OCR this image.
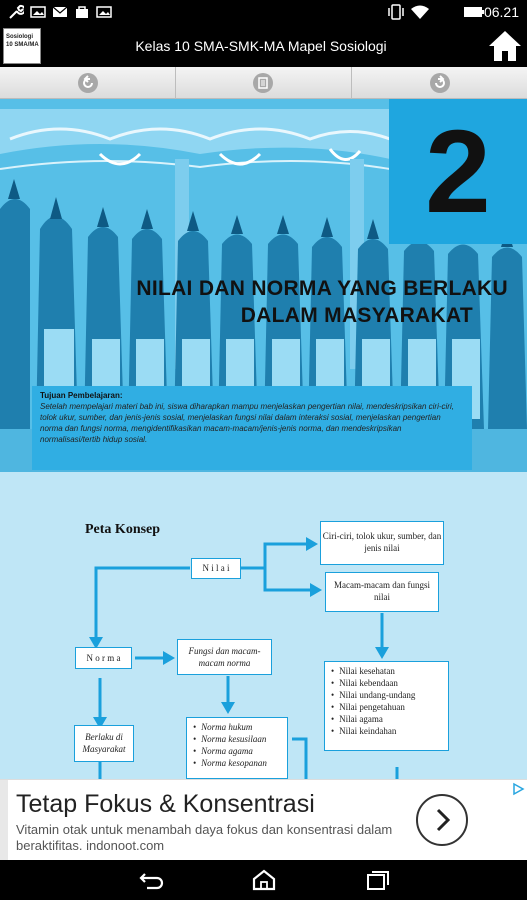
06.21
Sosiologi 10 SMA/MA	Kelas 10 SMA-SMK-MA Mapel Sosiologi
2
NILAI DAN NORMA YANG BERLAKU
DALAM MASYARAKAT
Tujuan Pembelajaran:
Setelah mempelajari materi bab ini, siswa diharapkan mampu menjelaskan pengertian nilai, mendeskripsikan ciri-ciri, tolok ukur, sumber, dan jenis-jenis sosial, menjelaskan fungsi nilai dalam interaksi sosial, menjelaskan pengertian norma dan fungsi norma, mengidentifikasikan macam-macam/jenis-jenis norma, dan mendeskripsikan normalisasi/tertib hidup sosial.
Peta Konsep
N i l a i
Ciri-ciri, tolok ukur, sumber, dan jenis nilai
Macam-macam dan fungsi nilai
N o r m a
Fungsi dan macam-macam norma
Berlaku di Masyarakat
• Nilai kesehatan
• Nilai kebendaan
• Nilai undang-undang
• Nilai pengetahuan
• Nilai agama
• Nilai keindahan
• Norma hukum
• Norma kesusilaan
• Norma agama
• Norma kesopanan
Tetap Fokus & Konsentrasi
Vitamin otak untuk menambah daya fokus dan konsentrasi dalam beraktifitas. indonoot.com
